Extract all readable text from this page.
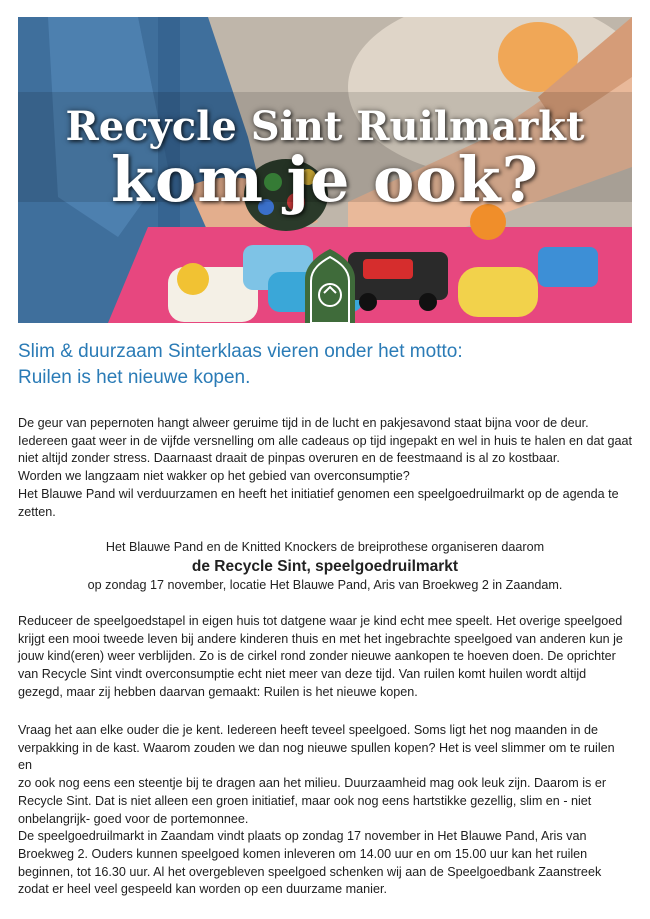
Recycle Sint Ruilmarkt
kom je ook?
Slim & duurzaam Sinterklaas vieren onder het motto:
Ruilen is het nieuwe kopen.

De geur van pepernoten hangt alweer geruime tijd in de lucht en pakjesavond staat bijna voor de deur.

Iedereen gaat weer in de vijfde versnelling om alle cadeaus op tijd ingepakt en wel in huis te halen en dat gaat

niet altijd zonder stress. Daarnaast draait de pinpas overuren en de feestmaand is al zo kostbaar.

Worden we langzaam niet wakker op het gebied van overconsumptie?

Het Blauwe Pand wil verduurzamen en heeft het initiatief genomen een speelgoedruilmarkt op de agenda te

zetten.

Het Blauwe Pand en de Knitted Knockers de breiprothese organiseren daarom
de Recycle Sint, speelgoedruilmarkt
op zondag 17 november, locatie Het Blauwe Pand, Aris van Broekweg 2 in Zaandam.

Reduceer de speelgoedstapel in eigen huis tot datgene waar je kind echt mee speelt. Het overige speelgoed

krijgt een mooi tweede leven bij andere kinderen thuis en met het ingebrachte speelgoed van anderen kun je

jouw kind(eren) weer verblijden. Zo is de cirkel rond zonder nieuwe aankopen te hoeven doen. De oprichter

van Recycle Sint vindt overconsumptie echt niet meer van deze tijd. Van ruilen komt huilen wordt altijd

gezegd, maar zij hebben daarvan gemaakt: Ruilen is het nieuwe kopen.

Vraag het aan elke ouder die je kent. Iedereen heeft teveel speelgoed. Soms ligt het nog maanden in de

verpakking in de kast. Waarom zouden we dan nog nieuwe spullen kopen? Het is veel slimmer om te ruilen en

zo ook nog eens een steentje bij te dragen aan het milieu. Duurzaamheid mag ook leuk zijn. Daarom is er

Recycle Sint. Dat is niet alleen een groen initiatief, maar ook nog eens hartstikke gezellig, slim en - niet

onbelangrijk- goed voor de portemonnee.

De speelgoedruilmarkt in Zaandam vindt plaats op zondag 17 november in Het Blauwe Pand, Aris van

Broekweg 2. Ouders kunnen speelgoed komen inleveren om 14.00 uur en om 15.00 uur kan het ruilen

beginnen, tot 16.30 uur. Al het overgebleven speelgoed schenken wij aan de Speelgoedbank Zaanstreek

zodat er heel veel gespeeld kan worden op een duurzame manier.
